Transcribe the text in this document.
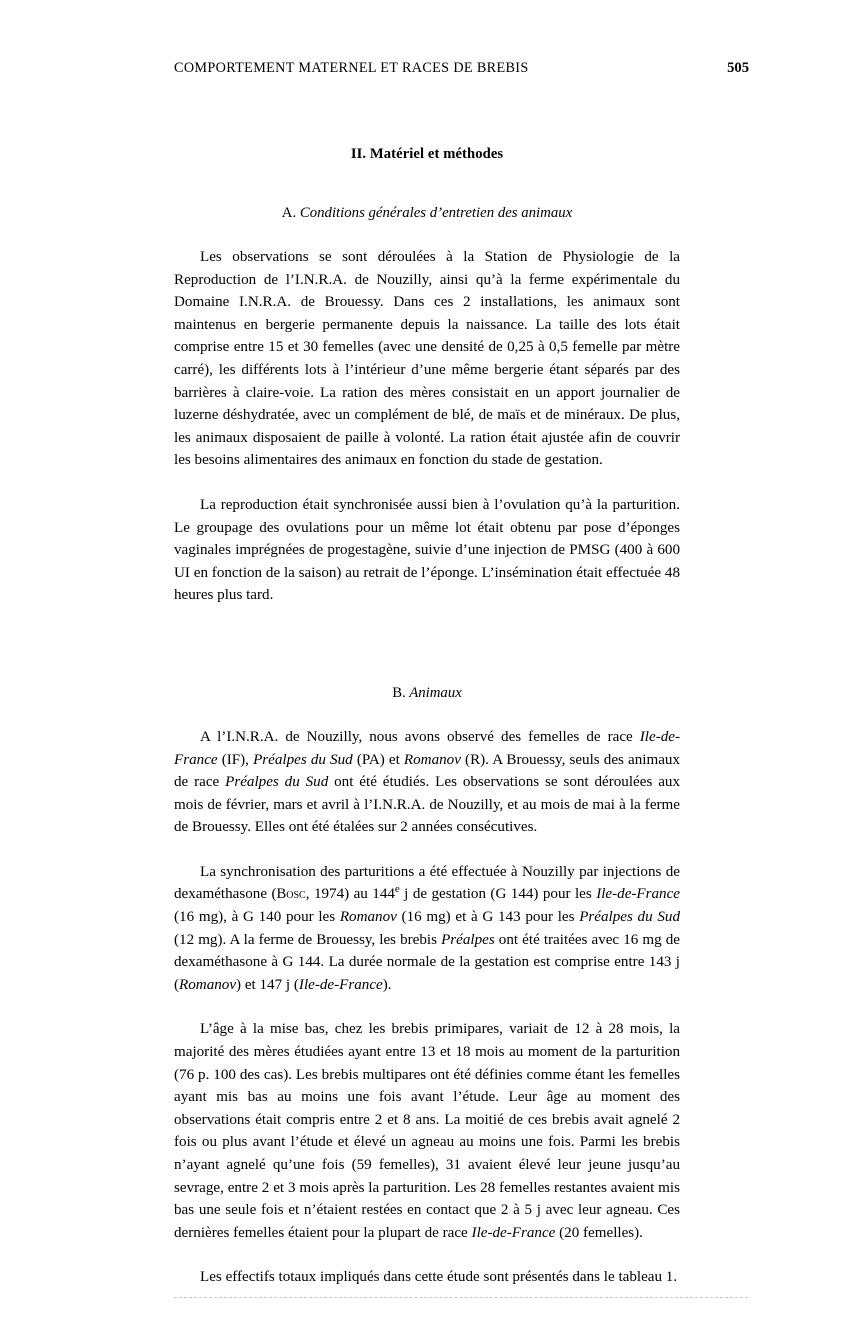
COMPORTEMENT MATERNEL ET RACES DE BREBIS	505
II. Matériel et méthodes
A. Conditions générales d’entretien des animaux

Les observations se sont déroulées à la Station de Physiologie de la Reproduction de l’I.N.R.A. de Nouzilly, ainsi qu’à la ferme expérimentale du Domaine I.N.R.A. de Brouessy. Dans ces 2 installations, les animaux sont maintenus en bergerie permanente depuis la naissance. La taille des lots était comprise entre 15 et 30 femelles (avec une densité de 0,25 à 0,5 femelle par mètre carré), les différents lots à l’intérieur d’une même bergerie étant séparés par des barrières à claire-voie. La ration des mères consistait en un apport journalier de luzerne déshydratée, avec un complément de blé, de maïs et de minéraux. De plus, les animaux disposaient de paille à volonté. La ration était ajustée afin de couvrir les besoins alimentaires des animaux en fonction du stade de gestation.

La reproduction était synchronisée aussi bien à l’ovulation qu’à la parturition. Le groupage des ovulations pour un même lot était obtenu par pose d’éponges vaginales imprégnées de progestagène, suivie d’une injection de PMSG (400 à 600 UI en fonction de la saison) au retrait de l’éponge. L’insémination était effectuée 48 heures plus tard.

B. Animaux

A l’I.N.R.A. de Nouzilly, nous avons observé des femelles de race Ile-de-France (IF), Préalpes du Sud (PA) et Romanov (R). A Brouessy, seuls des animaux de race Préalpes du Sud ont été étudiés. Les observations se sont déroulées aux mois de février, mars et avril à l’I.N.R.A. de Nouzilly, et au mois de mai à la ferme de Brouessy. Elles ont été étalées sur 2 années consécutives.

La synchronisation des parturitions a été effectuée à Nouzilly par injections de dexaméthasone (Bosc, 1974) au 144e j de gestation (G 144) pour les Ile-de-France (16 mg), à G 140 pour les Romanov (16 mg) et à G 143 pour les Préalpes du Sud (12 mg). A la ferme de Brouessy, les brebis Préalpes ont été traitées avec 16 mg de dexaméthasone à G 144. La durée normale de la gestation est comprise entre 143 j (Romanov) et 147 j (Ile-de-France).

L’âge à la mise bas, chez les brebis primipares, variait de 12 à 28 mois, la majorité des mères étudiées ayant entre 13 et 18 mois au moment de la parturition (76 p. 100 des cas). Les brebis multipares ont été définies comme étant les femelles ayant mis bas au moins une fois avant l’étude. Leur âge au moment des observations était compris entre 2 et 8 ans. La moitié de ces brebis avait agnelé 2 fois ou plus avant l’étude et élevé un agneau au moins une fois. Parmi les brebis n’ayant agnelé qu’une fois (59 femelles), 31 avaient élevé leur jeune jusqu’au sevrage, entre 2 et 3 mois après la parturition. Les 28 femelles restantes avaient mis bas une seule fois et n’étaient restées en contact que 2 à 5 j avec leur agneau. Ces dernières femelles étaient pour la plupart de race Ile-de-France (20 femelles).

Les effectifs totaux impliqués dans cette étude sont présentés dans le tableau 1.
